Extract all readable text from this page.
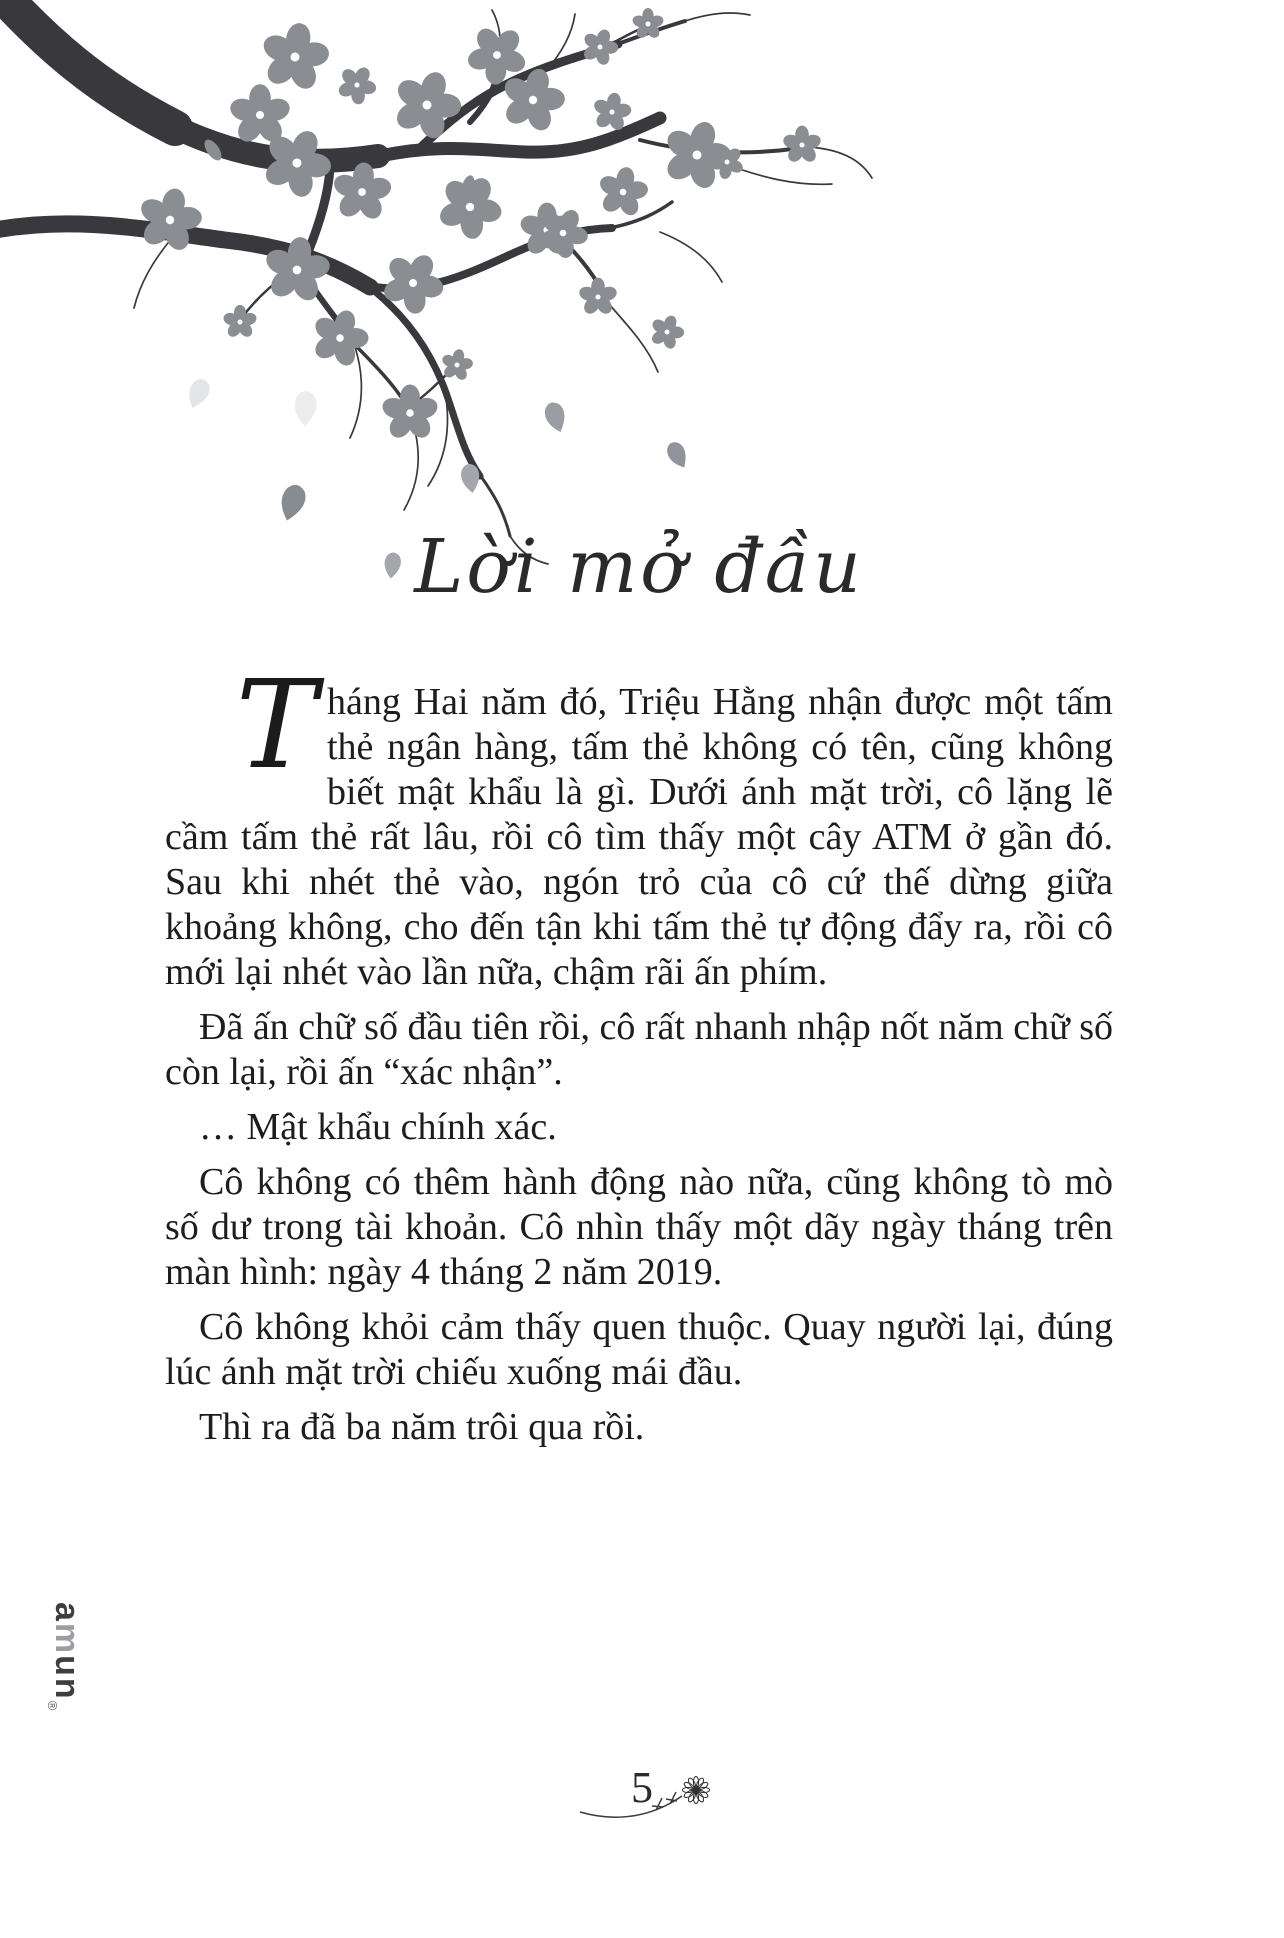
Lời mở đầu

Tháng Hai năm đó, Triệu Hằng nhận được một tấm thẻ ngân hàng, tấm thẻ không có tên, cũng không biết mật khẩu là gì. Dưới ánh mặt trời, cô lặng lẽ cầm tấm thẻ rất lâu, rồi cô tìm thấy một cây ATM ở gần đó. Sau khi nhét thẻ vào, ngón trỏ của cô cứ thế dừng giữa khoảng không, cho đến tận khi tấm thẻ tự động đẩy ra, rồi cô mới lại nhét vào lần nữa, chậm rãi ấn phím.

Đã ấn chữ số đầu tiên rồi, cô rất nhanh nhập nốt năm chữ số còn lại, rồi ấn “xác nhận”.

… Mật khẩu chính xác.

Cô không có thêm hành động nào nữa, cũng không tò mò số dư trong tài khoản. Cô nhìn thấy một dãy ngày tháng trên màn hình: ngày 4 tháng 2 năm 2019.

Cô không khỏi cảm thấy quen thuộc. Quay người lại, đúng lúc ánh mặt trời chiếu xuống mái đầu.

Thì ra đã ba năm trôi qua rồi.

amun$_®$
5
